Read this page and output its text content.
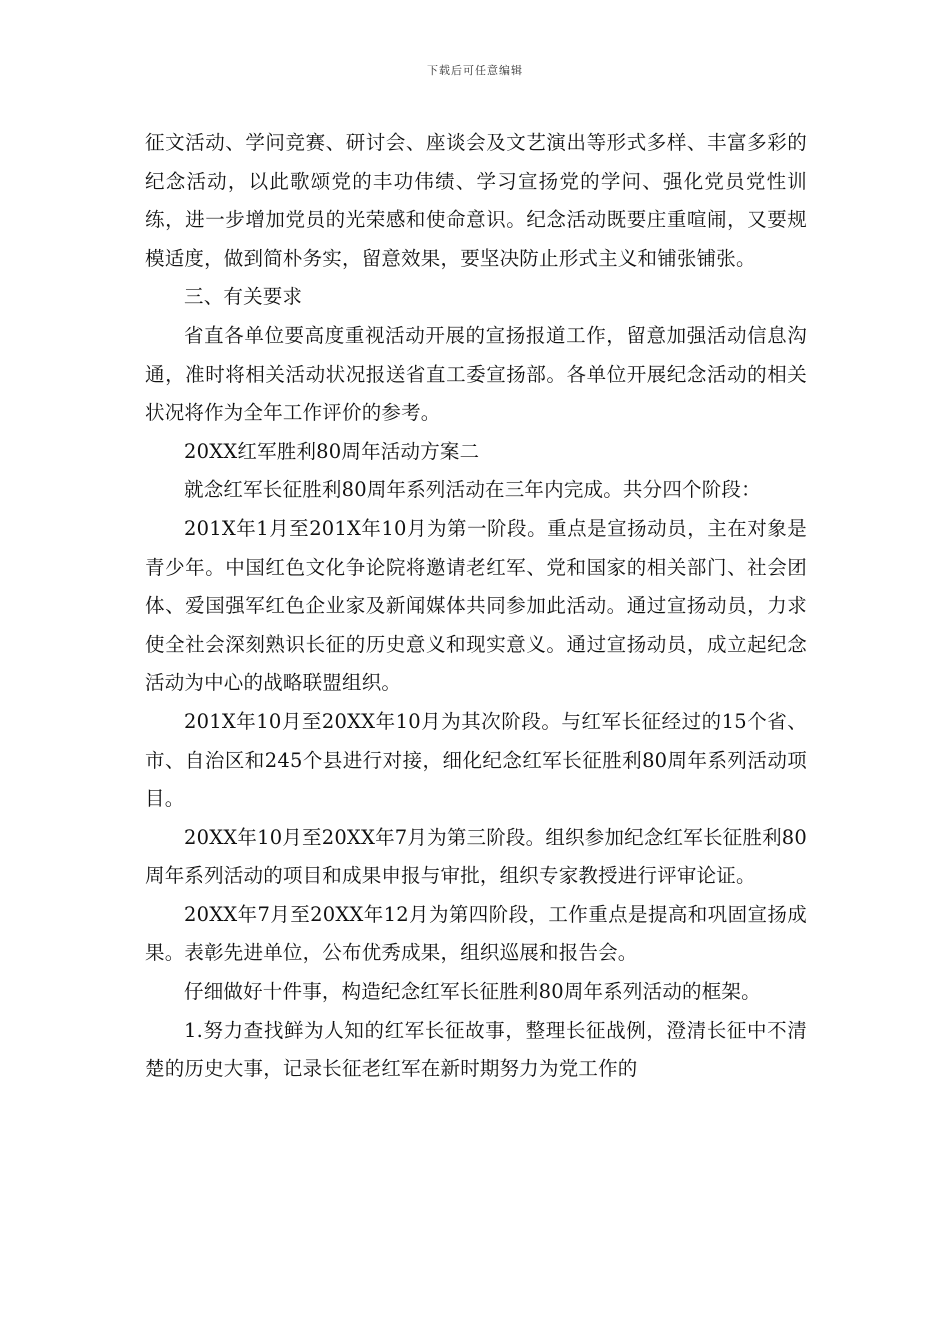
下载后可任意编辑

征文活动、学问竞赛、研讨会、座谈会及文艺演出等形式多样、丰富多彩的纪念活动，以此歌颂党的丰功伟绩、学习宣扬党的学问、强化党员党性训练，进一步增加党员的光荣感和使命意识。纪念活动既要庄重喧闹，又要规模适度，做到简朴务实，留意效果，要坚决防止形式主义和铺张铺张。

三、有关要求

省直各单位要高度重视活动开展的宣扬报道工作，留意加强活动信息沟通，准时将相关活动状况报送省直工委宣扬部。各单位开展纪念活动的相关状况将作为全年工作评价的参考。

20XX红军胜利80周年活动方案二

就念红军长征胜利80周年系列活动在三年内完成。共分四个阶段：

201X年1月至201X年10月为第一阶段。重点是宣扬动员，主在对象是青少年。中国红色文化争论院将邀请老红军、党和国家的相关部门、社会团体、爱国强军红色企业家及新闻媒体共同参加此活动。通过宣扬动员，力求使全社会深刻熟识长征的历史意义和现实意义。通过宣扬动员，成立起纪念活动为中心的战略联盟组织。

201X年10月至20XX年10月为其次阶段。与红军长征经过的15个省、市、自治区和245个县进行对接，细化纪念红军长征胜利80周年系列活动项目。

20XX年10月至20XX年7月为第三阶段。组织参加纪念红军长征胜利80周年系列活动的项目和成果申报与审批，组织专家教授进行评审论证。

20XX年7月至20XX年12月为第四阶段，工作重点是提高和巩固宣扬成果。表彰先进单位，公布优秀成果，组织巡展和报告会。

仔细做好十件事，构造纪念红军长征胜利80周年系列活动的框架。

1.努力查找鲜为人知的红军长征故事，整理长征战例，澄清长征中不清楚的历史大事，记录长征老红军在新时期努力为党工作的
